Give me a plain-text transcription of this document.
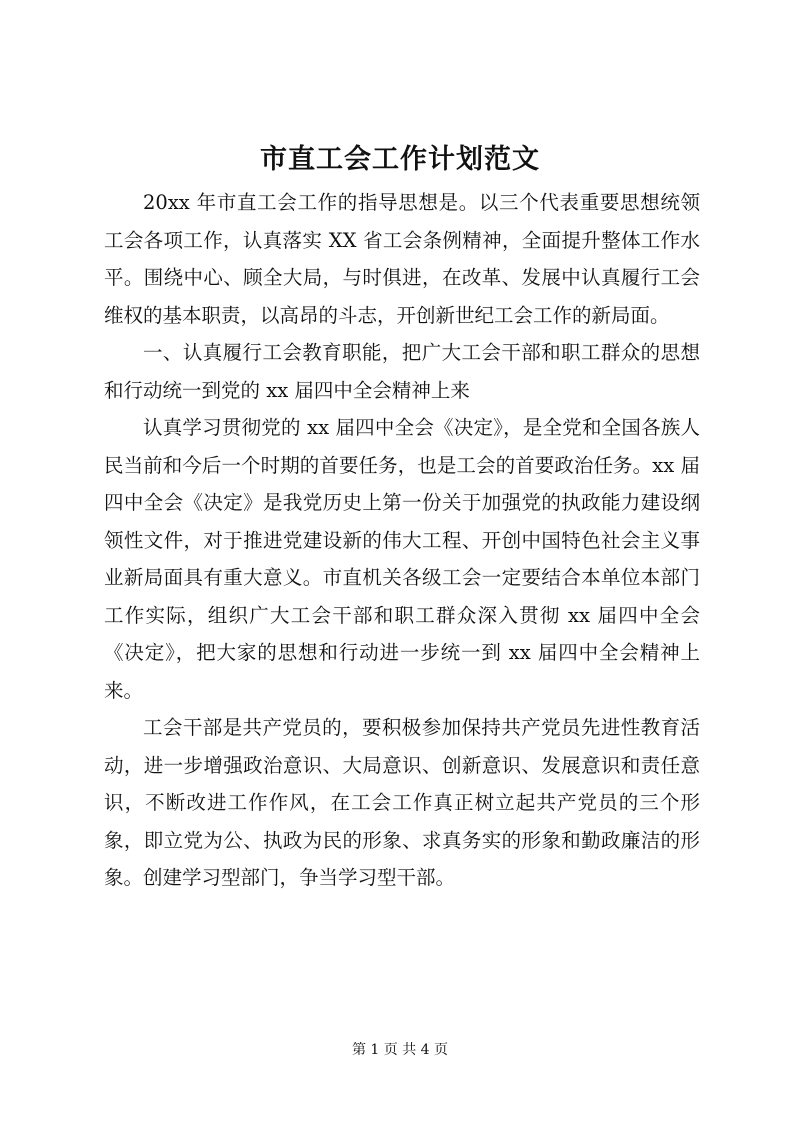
市直工会工作计划范文

20xx 年市直工会工作的指导思想是。以三个代表重要思想统领工会各项工作，认真落实 XX 省工会条例精神，全面提升整体工作水平。围绕中心、顾全大局，与时俱进，在改革、发展中认真履行工会维权的基本职责，以高昂的斗志，开创新世纪工会工作的新局面。

一、认真履行工会教育职能，把广大工会干部和职工群众的思想和行动统一到党的 xx 届四中全会精神上来

认真学习贯彻党的 xx 届四中全会《决定》，是全党和全国各族人民当前和今后一个时期的首要任务，也是工会的首要政治任务。xx 届四中全会《决定》是我党历史上第一份关于加强党的执政能力建设纲领性文件，对于推进党建设新的伟大工程、开创中国特色社会主义事业新局面具有重大意义。市直机关各级工会一定要结合本单位本部门工作实际，组织广大工会干部和职工群众深入贯彻 xx 届四中全会《决定》，把大家的思想和行动进一步统一到 xx 届四中全会精神上来。

工会干部是共产党员的，要积极参加保持共产党员先进性教育活动，进一步增强政治意识、大局意识、创新意识、发展意识和责任意识，不断改进工作作风，在工会工作真正树立起共产党员的三个形象，即立党为公、执政为民的形象、求真务实的形象和勤政廉洁的形象。创建学习型部门，争当学习型干部。

第 1 页 共 4 页
